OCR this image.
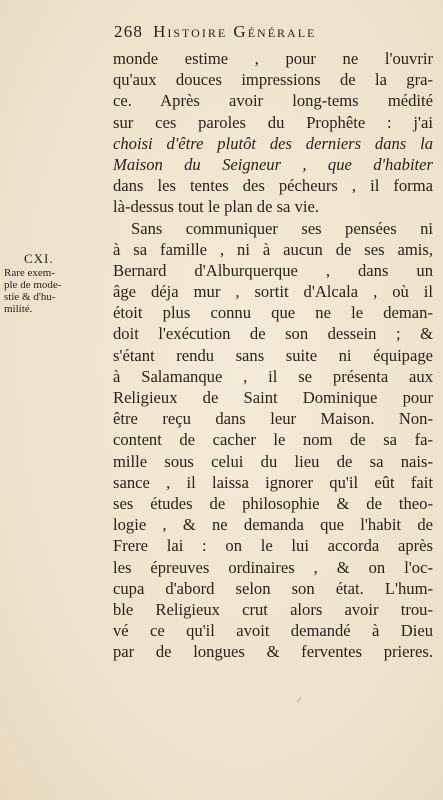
268 Histoire Générale
CXI.
Rare exem-
ple de mode-
stie & d'hu-
milité.
monde estime , pour ne l'ouvrir
qu'aux douces impressions de la gra-
ce. Après avoir long-tems médité
sur ces paroles du Prophête : j'ai
choisi d'être plutôt des derniers dans la
Maison du Seigneur , que d'habiter
dans les tentes des pécheurs , il forma
là-dessus tout le plan de sa vie.
Sans communiquer ses pensées ni
à sa famille , ni à aucun de ses amis,
Bernard d'Alburquerque , dans un
âge déja mur , sortit d'Alcala , où il
étoit plus connu que ne le deman-
doit l'exécution de son dessein ; &
s'étant rendu sans suite ni équipage
à Salamanque , il se présenta aux
Religieux de Saint Dominique pour
être reçu dans leur Maison. Non-
content de cacher le nom de sa fa-
mille sous celui du lieu de sa nais-
sance , il laissa ignorer qu'il eût fait
ses études de philosophie & de theo-
logie , & ne demanda que l'habit de
Frere lai : on le lui accorda après
les épreuves ordinaires , & on l'oc-
cupa d'abord selon son état. L'hum-
ble Religieux crut alors avoir trou-
vé ce qu'il avoit demandé à Dieu
par de longues & ferventes prieres.
